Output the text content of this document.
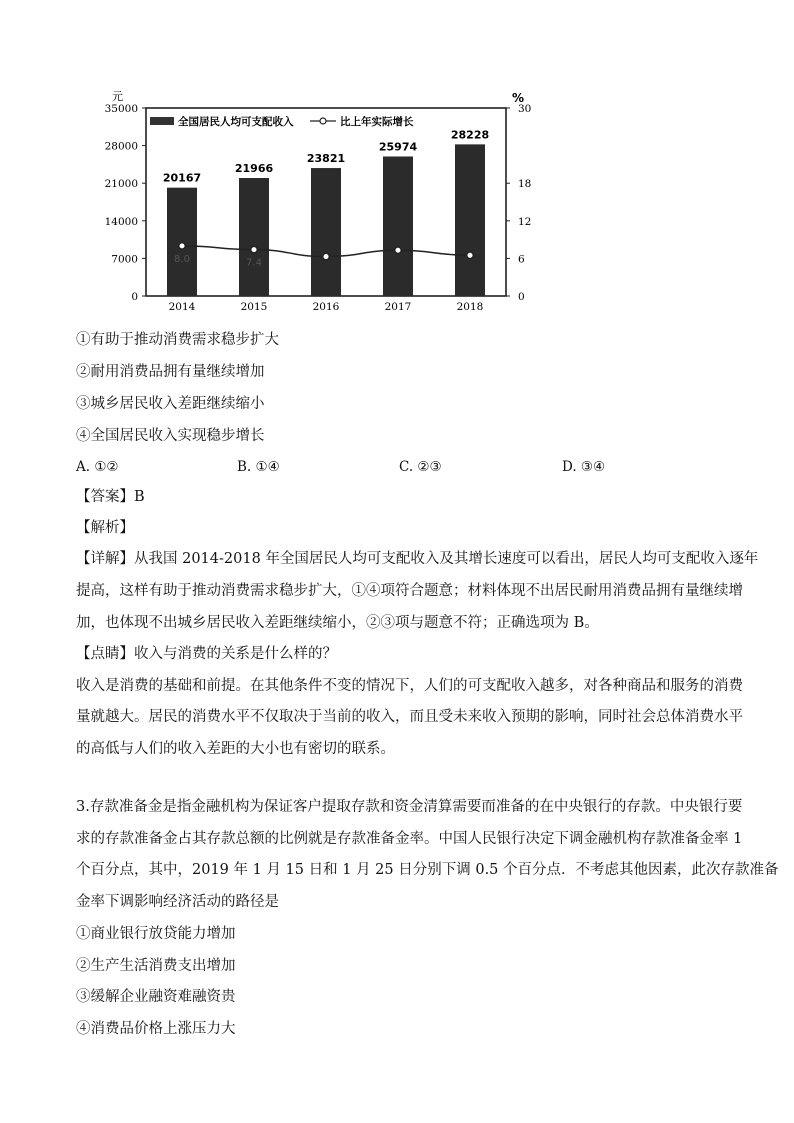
元	%
全国居民人均可支配收入	比上年实际增长
35000
28000
21000
14000
7000
0
30
18
12
6
0
20167
2014
21966
2015
23821
2016
25974
2017
28228
2018
8.0	7.4
①有助于推动消费需求稳步扩大
②耐用消费品拥有量继续增加
③城乡居民收入差距继续缩小
④全国居民收入实现稳步增长
A. ①②	B. ①④	C. ②③	D. ③④
【答案】B
【解析】
【详解】从我国 2014-2018 年全国居民人均可支配收入及其增长速度可以看出，居民人均可支配收入逐年
提高，这样有助于推动消费需求稳步扩大，①④项符合题意；材料体现不出居民耐用消费品拥有量继续增
加，也体现不出城乡居民收入差距继续缩小，②③项与题意不符；正确选项为 B。
【点睛】收入与消费的关系是什么样的？
收入是消费的基础和前提。在其他条件不变的情况下，人们的可支配收入越多，对各种商品和服务的消费
量就越大。居民的消费水平不仅取决于当前的收入，而且受未来收入预期的影响，同时社会总体消费水平
的高低与人们的收入差距的大小也有密切的联系。
3.存款准备金是指金融机构为保证客户提取存款和资金清算需要而准备的在中央银行的存款。中央银行要
求的存款准备金占其存款总额的比例就是存款准备金率。中国人民银行决定下调金融机构存款准备金率 1
个百分点，其中，2019 年 1 月 15 日和 1 月 25 日分别下调 0.5 个百分点．不考虑其他因素，此次存款准备
金率下调影响经济活动的路径是
①商业银行放贷能力增加
②生产生活消费支出增加
③缓解企业融资难融资贵
④消费品价格上涨压力大
